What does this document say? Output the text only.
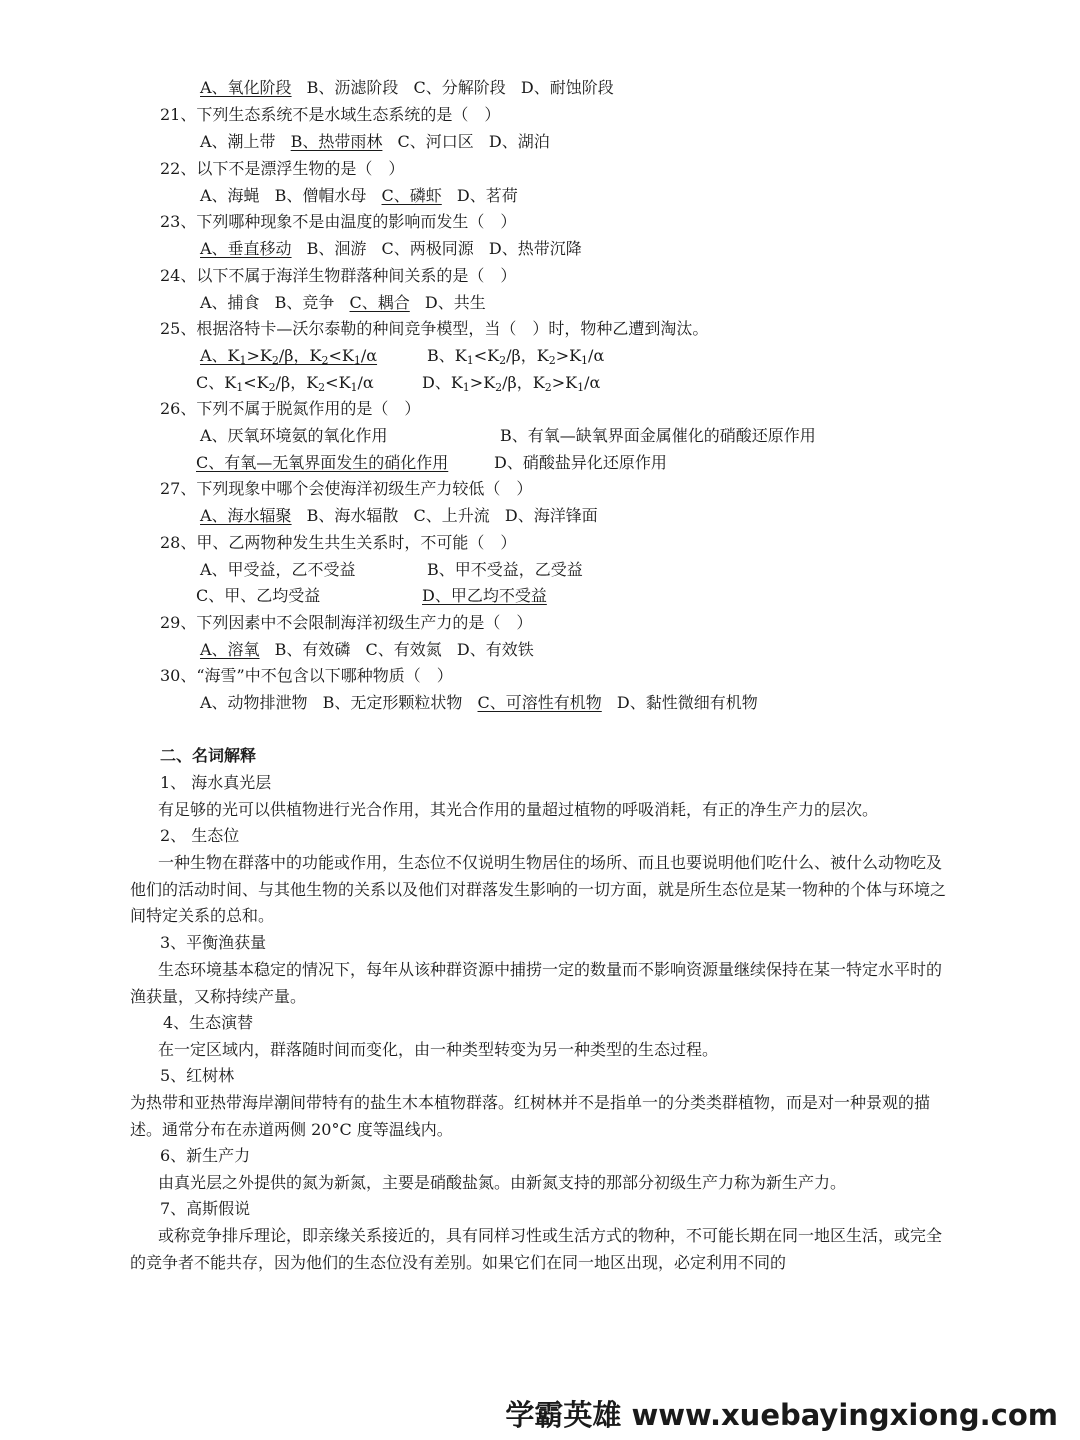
A、氧化阶段 B、沥滤阶段 C、分解阶段 D、耐蚀阶段
21、下列生态系统不是水域生态系统的是（　）
A、潮上带 B、热带雨林 C、河口区 D、湖泊
22、以下不是漂浮生物的是（　）
A、海蝇 B、僧帽水母 C、磷虾 D、茗荷
23、下列哪种现象不是由温度的影响而发生（　）
A、垂直移动 B、洄游 C、两极同源 D、热带沉降
24、以下不属于海洋生物群落种间关系的是（　）
A、捕食 B、竞争 C、耦合 D、共生
25、根据洛特卡—沃尔泰勒的种间竞争模型，当（　）时，物种乙遭到淘汰。
A、$K_1>K_2/\beta$，$K_2<K_1/\alpha$	B、$K_1<K_2/\beta$，$K_2>K_1/\alpha$
C、$K_1<K_2/\beta$，$K_2<K_1/\alpha$	D、$K_1>K_2/\beta$，$K_2>K_1/\alpha$
26、下列不属于脱氮作用的是（　）
A、厌氧环境氨的氧化作用	B、有氧—缺氧界面金属催化的硝酸还原作用
C、有氧—无氧界面发生的硝化作用	D、硝酸盐异化还原作用
27、下列现象中哪个会使海洋初级生产力较低（　）
A、海水辐聚 B、海水辐散 C、上升流 D、海洋锋面
28、甲、乙两物种发生共生关系时，不可能（　）
A、甲受益，乙不受益	B、甲不受益，乙受益
C、甲、乙均受益	D、甲乙均不受益
29、下列因素中不会限制海洋初级生产力的是（　）
A、溶氧 B、有效磷 C、有效氮 D、有效铁
30、“海雪”中不包含以下哪种物质（　）
A、动物排泄物 B、无定形颗粒状物 C、可溶性有机物 D、黏性微细有机物
二、名词解释
1、 海水真光层
有足够的光可以供植物进行光合作用，其光合作用的量超过植物的呼吸消耗，有正的净生产力的层次。
2、 生态位
一种生物在群落中的功能或作用，生态位不仅说明生物居住的场所、而且也要说明他们吃什么、被什么动物吃及他们的活动时间、与其他生物的关系以及他们对群落发生影响的一切方面，就是所生态位是某一物种的个体与环境之间特定关系的总和。
3、平衡渔获量
生态环境基本稳定的情况下，每年从该种群资源中捕捞一定的数量而不影响资源量继续保持在某一特定水平时的渔获量，又称持续产量。
4、生态演替
在一定区域内，群落随时间而变化，由一种类型转变为另一种类型的生态过程。
5、红树林
为热带和亚热带海岸潮间带特有的盐生木本植物群落。红树林并不是指单一的分类类群植物，而是对一种景观的描述。通常分布在赤道两侧 20°C 度等温线内。
6、新生产力
由真光层之外提供的氮为新氮，主要是硝酸盐氮。由新氮支持的那部分初级生产力称为新生产力。
7、高斯假说
或称竞争排斥理论，即亲缘关系接近的，具有同样习性或生活方式的物种，不可能长期在同一地区生活，或完全的竞争者不能共存，因为他们的生态位没有差别。如果它们在同一地区出现，必定利用不同的
学霸英雄 www.xuebayingxiong.com
